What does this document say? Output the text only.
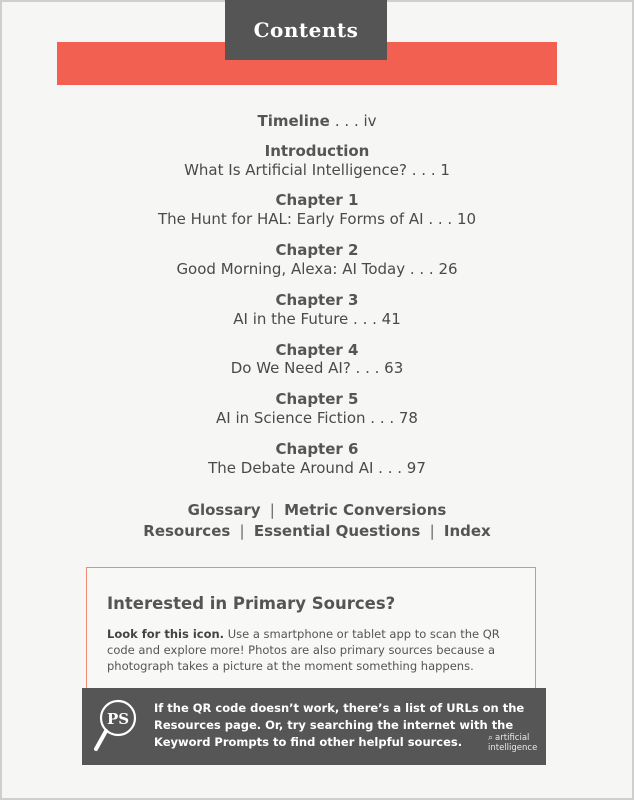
Contents
Timeline . . . iv
Introduction
What Is Artificial Intelligence? . . . 1
Chapter 1
The Hunt for HAL: Early Forms of AI . . . 10
Chapter 2
Good Morning, Alexa: AI Today . . . 26
Chapter 3
AI in the Future . . . 41
Chapter 4
Do We Need AI? . . . 63
Chapter 5
AI in Science Fiction . . . 78
Chapter 6
The Debate Around AI . . . 97
Glossary | Metric Conversions
Resources | Essential Questions | Index
Interested in Primary Sources?
Look for this icon. Use a smartphone or tablet app to scan the QR code and explore more! Photos are also primary sources because a photograph takes a picture at the moment something happens.
PS
If the QR code doesn’t work, there’s a list of URLs on the Resources page. Or, try searching the internet with the Keyword Prompts to find other helpful sources.	⌕ artificial intelligence
